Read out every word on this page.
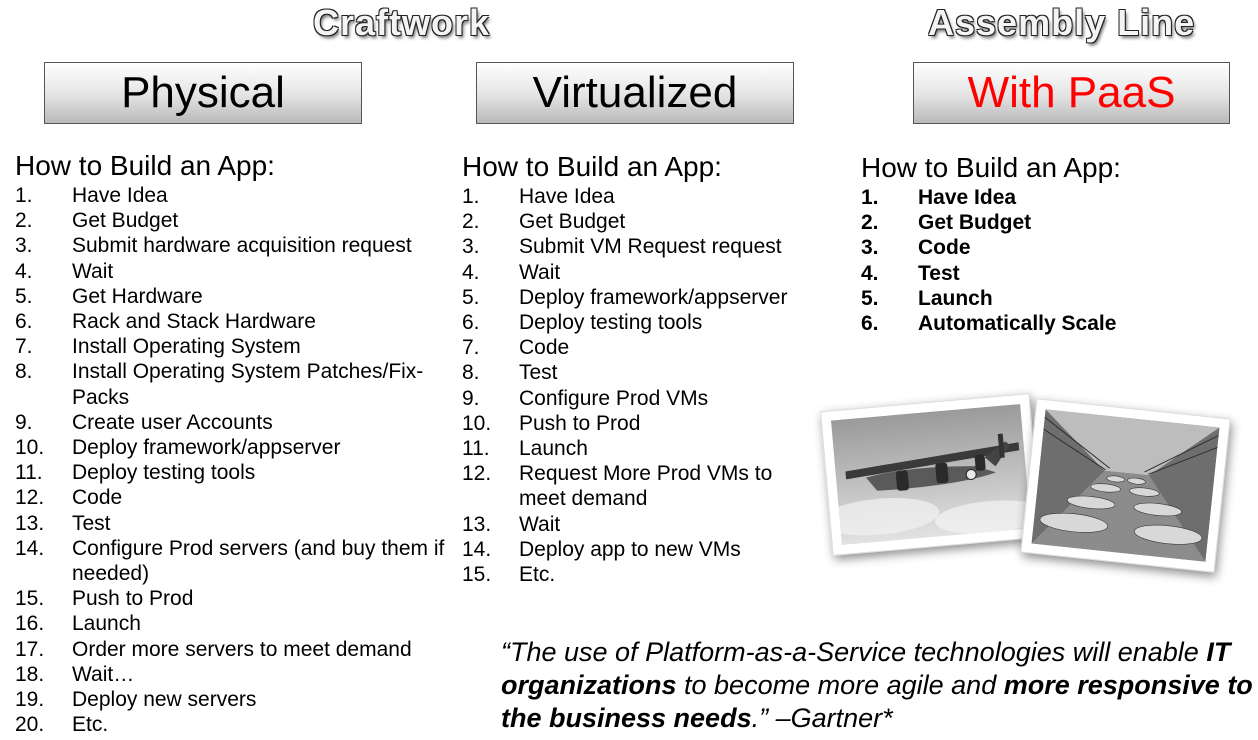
Craftwork	Assembly Line
Physical	Virtualized	With PaaS
How to Build an App:
1.	Have Idea
2.	Get Budget
3.	Submit hardware acquisition request
4.	Wait
5.	Get Hardware
6.	Rack and Stack Hardware
7.	Install Operating System
8.	Install Operating System Patches/Fix-Packs
9.	Create user Accounts
10.	Deploy framework/appserver
11.	Deploy testing tools
12.	Code
13.	Test
14.	Configure Prod servers (and buy them if needed)
15.	Push to Prod
16.	Launch
17.	Order more servers to meet demand
18.	Wait…
19.	Deploy new servers
20.	Etc.
How to Build an App:
1.	Have Idea
2.	Get Budget
3.	Submit VM Request request
4.	Wait
5.	Deploy framework/appserver
6.	Deploy testing tools
7.	Code
8.	Test
9.	Configure Prod VMs
10.	Push to Prod
11.	Launch
12.	Request More Prod VMs to meet demand
13.	Wait
14.	Deploy app to new VMs
15.	Etc.
How to Build an App:
1.	Have Idea
2.	Get Budget
3.	Code
4.	Test
5.	Launch
6.	Automatically Scale
“The use of Platform-as-a-Service technologies will enable IT organizations to become more agile and more responsive to the business needs.” –Gartner*
